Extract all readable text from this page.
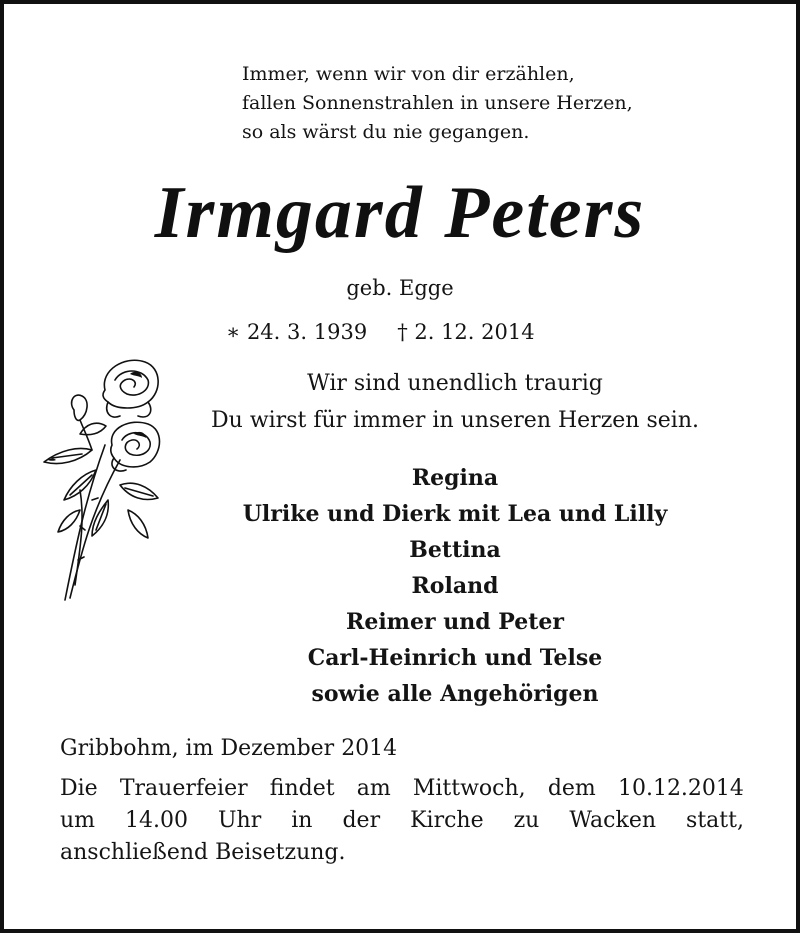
Immer, wenn wir von dir erzählen,
fallen Sonnenstrahlen in unsere Herzen,
so als wärst du nie gegangen.
Irmgard Peters
geb. Egge
∗ 24. 3. 1939 † 2. 12. 2014
Wir sind unendlich traurig
Du wirst für immer in unseren Herzen sein.
Regina
Ulrike und Dierk mit Lea und Lilly
Bettina
Roland
Reimer und Peter
Carl-Heinrich und Telse
sowie alle Angehörigen
Gribbohm, im Dezember 2014
Die Trauerfeier findet am Mittwoch, dem 10.12.2014
um 14.00 Uhr in der Kirche zu Wacken statt,
anschließend Beisetzung.
